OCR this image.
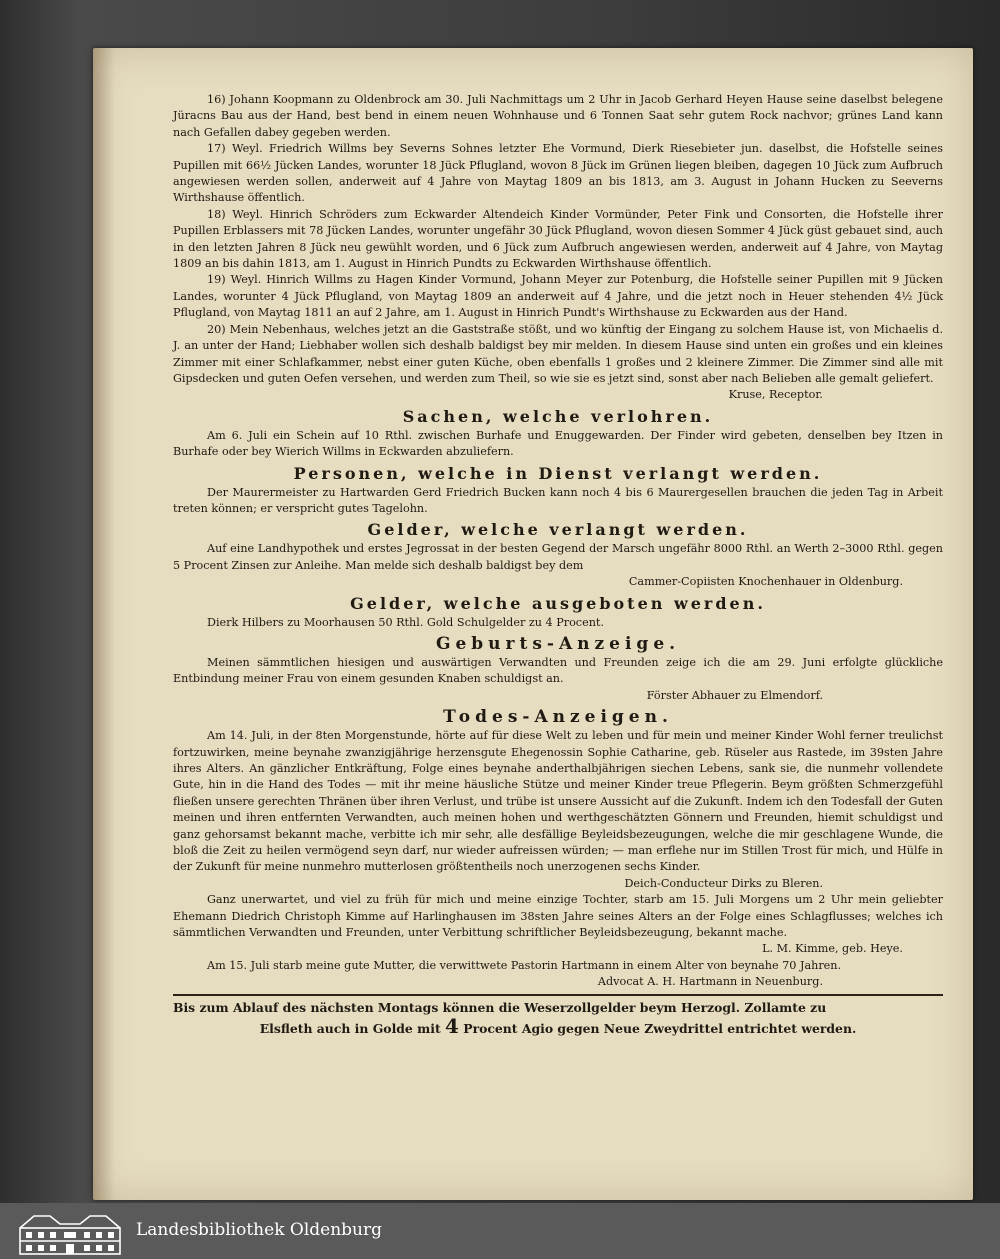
16) Johann Koopmann zu Oldenbrock am 30. Juli Nachmittags um 2 Uhr in Jacob Gerhard Heyen Hause seine daselbst belegene Jüracns Bau aus der Hand, best bend in einem neuen Wohnhause und 6 Tonnen Saat sehr gutem Rock nachvor; grünes Land kann nach Gefallen dabey gegeben werden.

17) Weyl. Friedrich Willms bey Severns Sohnes letzter Ehe Vormund, Dierk Riesebieter jun. daselbst, die Hofstelle seines Pupillen mit 66½ Jücken Landes, worunter 18 Jück Pflugland, wovon 8 Jück im Grünen liegen bleiben, dagegen 10 Jück zum Aufbruch angewiesen werden sollen, anderweit auf 4 Jahre von Maytag 1809 an bis 1813, am 3. August in Johann Hucken zu Seeverns Wirthshause öffentlich.

18) Weyl. Hinrich Schröders zum Eckwarder Altendeich Kinder Vormünder, Peter Fink und Consorten, die Hofstelle ihrer Pupillen Erblassers mit 78 Jücken Landes, worunter ungefähr 30 Jück Pflugland, wovon diesen Sommer 4 Jück güst gebauet sind, auch in den letzten Jahren 8 Jück neu gewühlt worden, und 6 Jück zum Aufbruch angewiesen werden, anderweit auf 4 Jahre, von Maytag 1809 an bis dahin 1813, am 1. August in Hinrich Pundts zu Eckwarden Wirthshause öffentlich.

19) Weyl. Hinrich Willms zu Hagen Kinder Vormund, Johann Meyer zur Potenburg, die Hofstelle seiner Pupillen mit 9 Jücken Landes, worunter 4 Jück Pflugland, von Maytag 1809 an anderweit auf 4 Jahre, und die jetzt noch in Heuer stehenden 4½ Jück Pflugland, von Maytag 1811 an auf 2 Jahre, am 1. August in Hinrich Pundt's Wirthshause zu Eckwarden aus der Hand.

20) Mein Nebenhaus, welches jetzt an die Gaststraße stößt, und wo künftig der Eingang zu solchem Hause ist, von Michaelis d. J. an unter der Hand; Liebhaber wollen sich deshalb baldigst bey mir melden. In diesem Hause sind unten ein großes und ein kleines Zimmer mit einer Schlafkammer, nebst einer guten Küche, oben ebenfalls 1 großes und 2 kleinere Zimmer. Die Zimmer sind alle mit Gipsdecken und guten Oefen versehen, und werden zum Theil, so wie sie es jetzt sind, sonst aber nach Belieben alle gemalt geliefert.

Kruse, Receptor.

Sachen, welche verlohren.

Am 6. Juli ein Schein auf 10 Rthl. zwischen Burhafe und Enuggewarden. Der Finder wird gebeten, denselben bey Itzen in Burhafe oder bey Wierich Willms in Eckwarden abzuliefern.

Personen, welche in Dienst verlangt werden.

Der Maurermeister zu Hartwarden Gerd Friedrich Bucken kann noch 4 bis 6 Maurergesellen brauchen die jeden Tag in Arbeit treten können; er verspricht gutes Tagelohn.

Gelder, welche verlangt werden.

Auf eine Landhypothek und erstes Jegrossat in der besten Gegend der Marsch ungefähr 8000 Rthl. an Werth 2–3000 Rthl. gegen 5 Procent Zinsen zur Anleihe. Man melde sich deshalb baldigst bey dem

Cammer-Copiisten Knochenhauer in Oldenburg.

Gelder, welche ausgeboten werden.

Dierk Hilbers zu Moorhausen 50 Rthl. Gold Schulgelder zu 4 Procent.

Geburts-Anzeige.

Meinen sämmtlichen hiesigen und auswärtigen Verwandten und Freunden zeige ich die am 29. Juni erfolgte glückliche Entbindung meiner Frau von einem gesunden Knaben schuldigst an.

Förster Abhauer zu Elmendorf.

Todes-Anzeigen.

Am 14. Juli, in der 8ten Morgenstunde, hörte auf für diese Welt zu leben und für mein und meiner Kinder Wohl ferner treulichst fortzuwirken, meine beynahe zwanzigjährige herzensgute Ehegenossin Sophie Catharine, geb. Rüseler aus Rastede, im 39sten Jahre ihres Alters. An gänzlicher Entkräftung, Folge eines beynahe anderthalbjährigen siechen Lebens, sank sie, die nunmehr vollendete Gute, hin in die Hand des Todes — mit ihr meine häusliche Stütze und meiner Kinder treue Pflegerin. Beym größten Schmerzgefühl fließen unsere gerechten Thränen über ihren Verlust, und trübe ist unsere Aussicht auf die Zukunft. Indem ich den Todesfall der Guten meinen und ihren entfernten Verwandten, auch meinen hohen und werthgeschätzten Gönnern und Freunden, hiemit schuldigst und ganz gehorsamst bekannt mache, verbitte ich mir sehr, alle desfällige Beyleidsbezeugungen, welche die mir geschlagene Wunde, die bloß die Zeit zu heilen vermögend seyn darf, nur wieder aufreissen würden; — man erflehe nur im Stillen Trost für mich, und Hülfe in der Zukunft für meine nunmehro mutterlosen größtentheils noch unerzogenen sechs Kinder.

Deich-Conducteur Dirks zu Bleren.

Ganz unerwartet, und viel zu früh für mich und meine einzige Tochter, starb am 15. Juli Morgens um 2 Uhr mein geliebter Ehemann Diedrich Christoph Kimme auf Harlinghausen im 38sten Jahre seines Alters an der Folge eines Schlagflusses; welches ich sämmtlichen Verwandten und Freunden, unter Verbittung schriftlicher Beyleidsbezeugung, bekannt mache.

L. M. Kimme, geb. Heye.

Am 15. Juli starb meine gute Mutter, die verwittwete Pastorin Hartmann in einem Alter von beynahe 70 Jahren.

Advocat A. H. Hartmann in Neuenburg.

Bis zum Ablauf des nächsten Montags können die Weserzollgelder beym Herzogl. Zollamte zu

Elsfleth auch in Golde mit 4 Procent Agio gegen Neue Zweydrittel entrichtet werden.

Landesbibliothek Oldenburg
